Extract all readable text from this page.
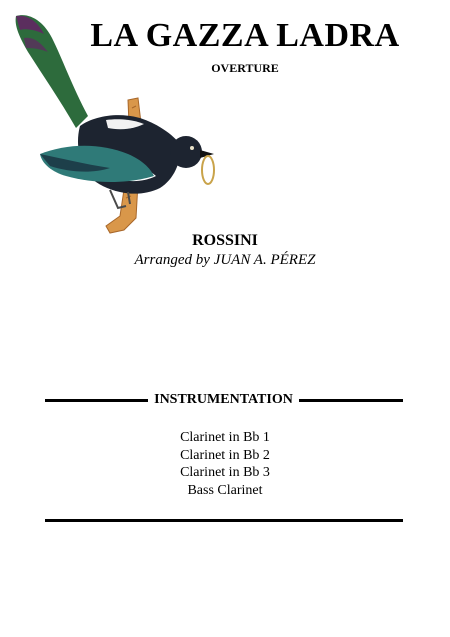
LA GAZZA LADRA
OVERTURE
ROSSINI
Arranged by JUAN A. PÉREZ
INSTRUMENTATION
Clarinet in Bb 1
Clarinet in Bb 2
Clarinet in Bb 3
Bass Clarinet
